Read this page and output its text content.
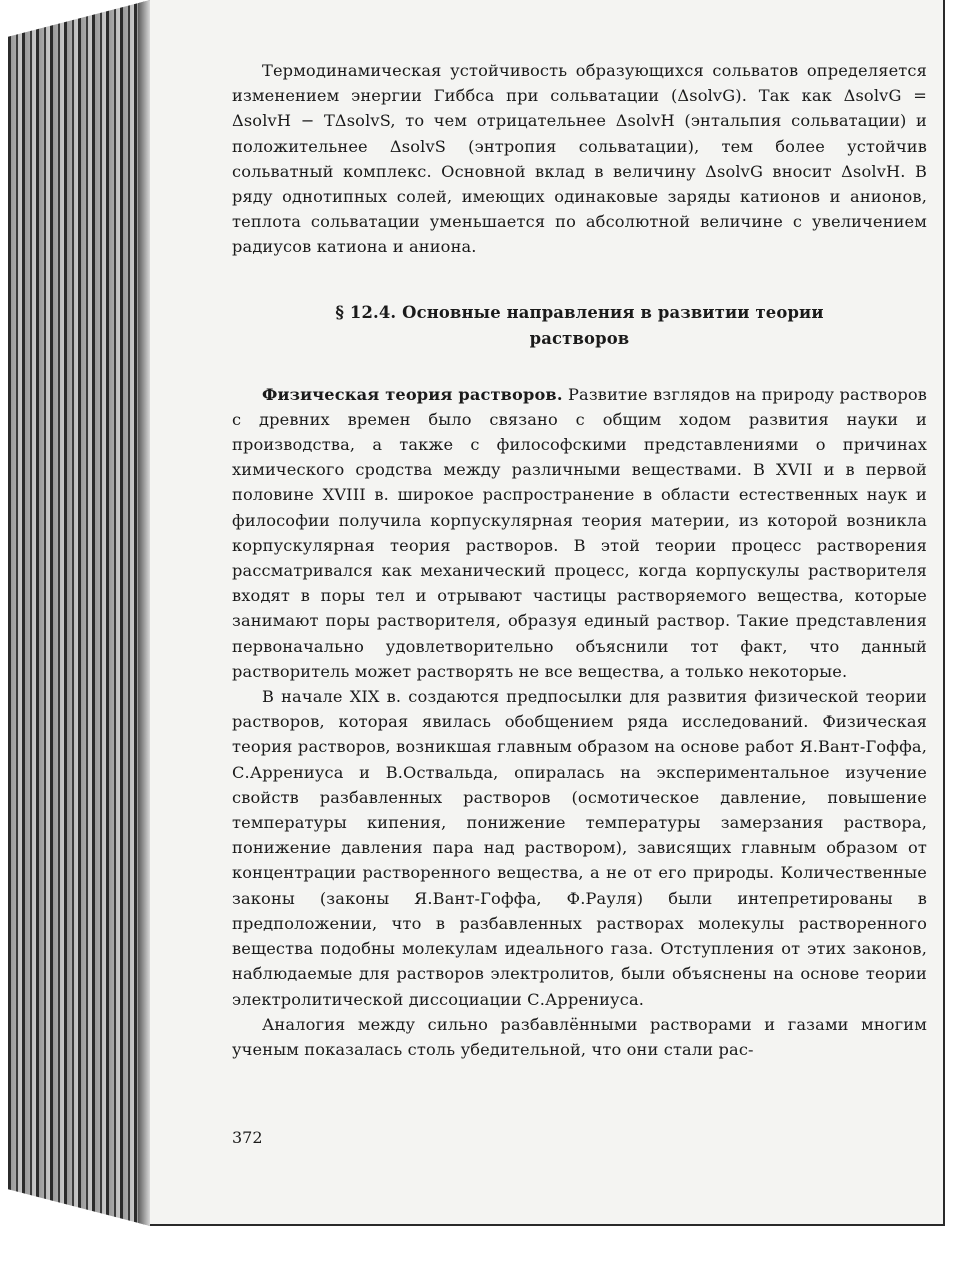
Термодинамическая устойчивость образующихся сольватов определяется изменением энергии Гиббса при сольватации (ΔsolvG). Так как ΔsolvG = ΔsolvH − TΔsolvS, то чем отрицательнее ΔsolvH (энтальпия сольватации) и положительнее ΔsolvS (энтропия сольватации), тем более устойчив сольватный комплекс. Основной вклад в величину ΔsolvG вносит ΔsolvH. В ряду однотипных солей, имеющих одинаковые заряды катионов и анионов, теплота сольватации уменьшается по абсолютной величине с увеличением радиусов катиона и аниона.

§ 12.4. Основные направления в развитии теории
растворов

Физическая теория растворов. Развитие взглядов на природу растворов с древних времен было связано с общим ходом развития науки и производства, а также с философскими представлениями о причинах химического сродства между различными веществами. В XVII и в первой половине XVIII в. широкое распространение в области естественных наук и философии получила корпускулярная теория материи, из которой возникла корпускулярная теория растворов. В этой теории процесс растворения рассматривался как механический процесс, когда корпускулы растворителя входят в поры тел и отрывают частицы растворяемого вещества, которые занимают поры растворителя, образуя единый раствор. Такие представления первоначально удовлетворительно объяснили тот факт, что данный растворитель может растворять не все вещества, а только некоторые.

В начале XIX в. создаются предпосылки для развития физической теории растворов, которая явилась обобщением ряда исследований. Физическая теория растворов, возникшая главным образом на основе работ Я.Вант-Гоффа, С.Аррениуса и В.Оствальда, опиралась на экспериментальное изучение свойств разбавленных растворов (осмотическое давление, повышение температуры кипения, понижение температуры замерзания раствора, понижение давления пара над раствором), зависящих главным образом от концентрации растворенного вещества, а не от его природы. Количественные законы (законы Я.Вант-Гоффа, Ф.Рауля) были интепретированы в предположении, что в разбавленных растворах молекулы растворенного вещества подобны молекулам идеального газа. Отступления от этих законов, наблюдаемые для растворов электролитов, были объяснены на основе теории электролитической диссоциации С.Аррениуса.

Аналогия между сильно разбавлёнными растворами и газами многим ученым показалась столь убедительной, что они стали рас-

372
